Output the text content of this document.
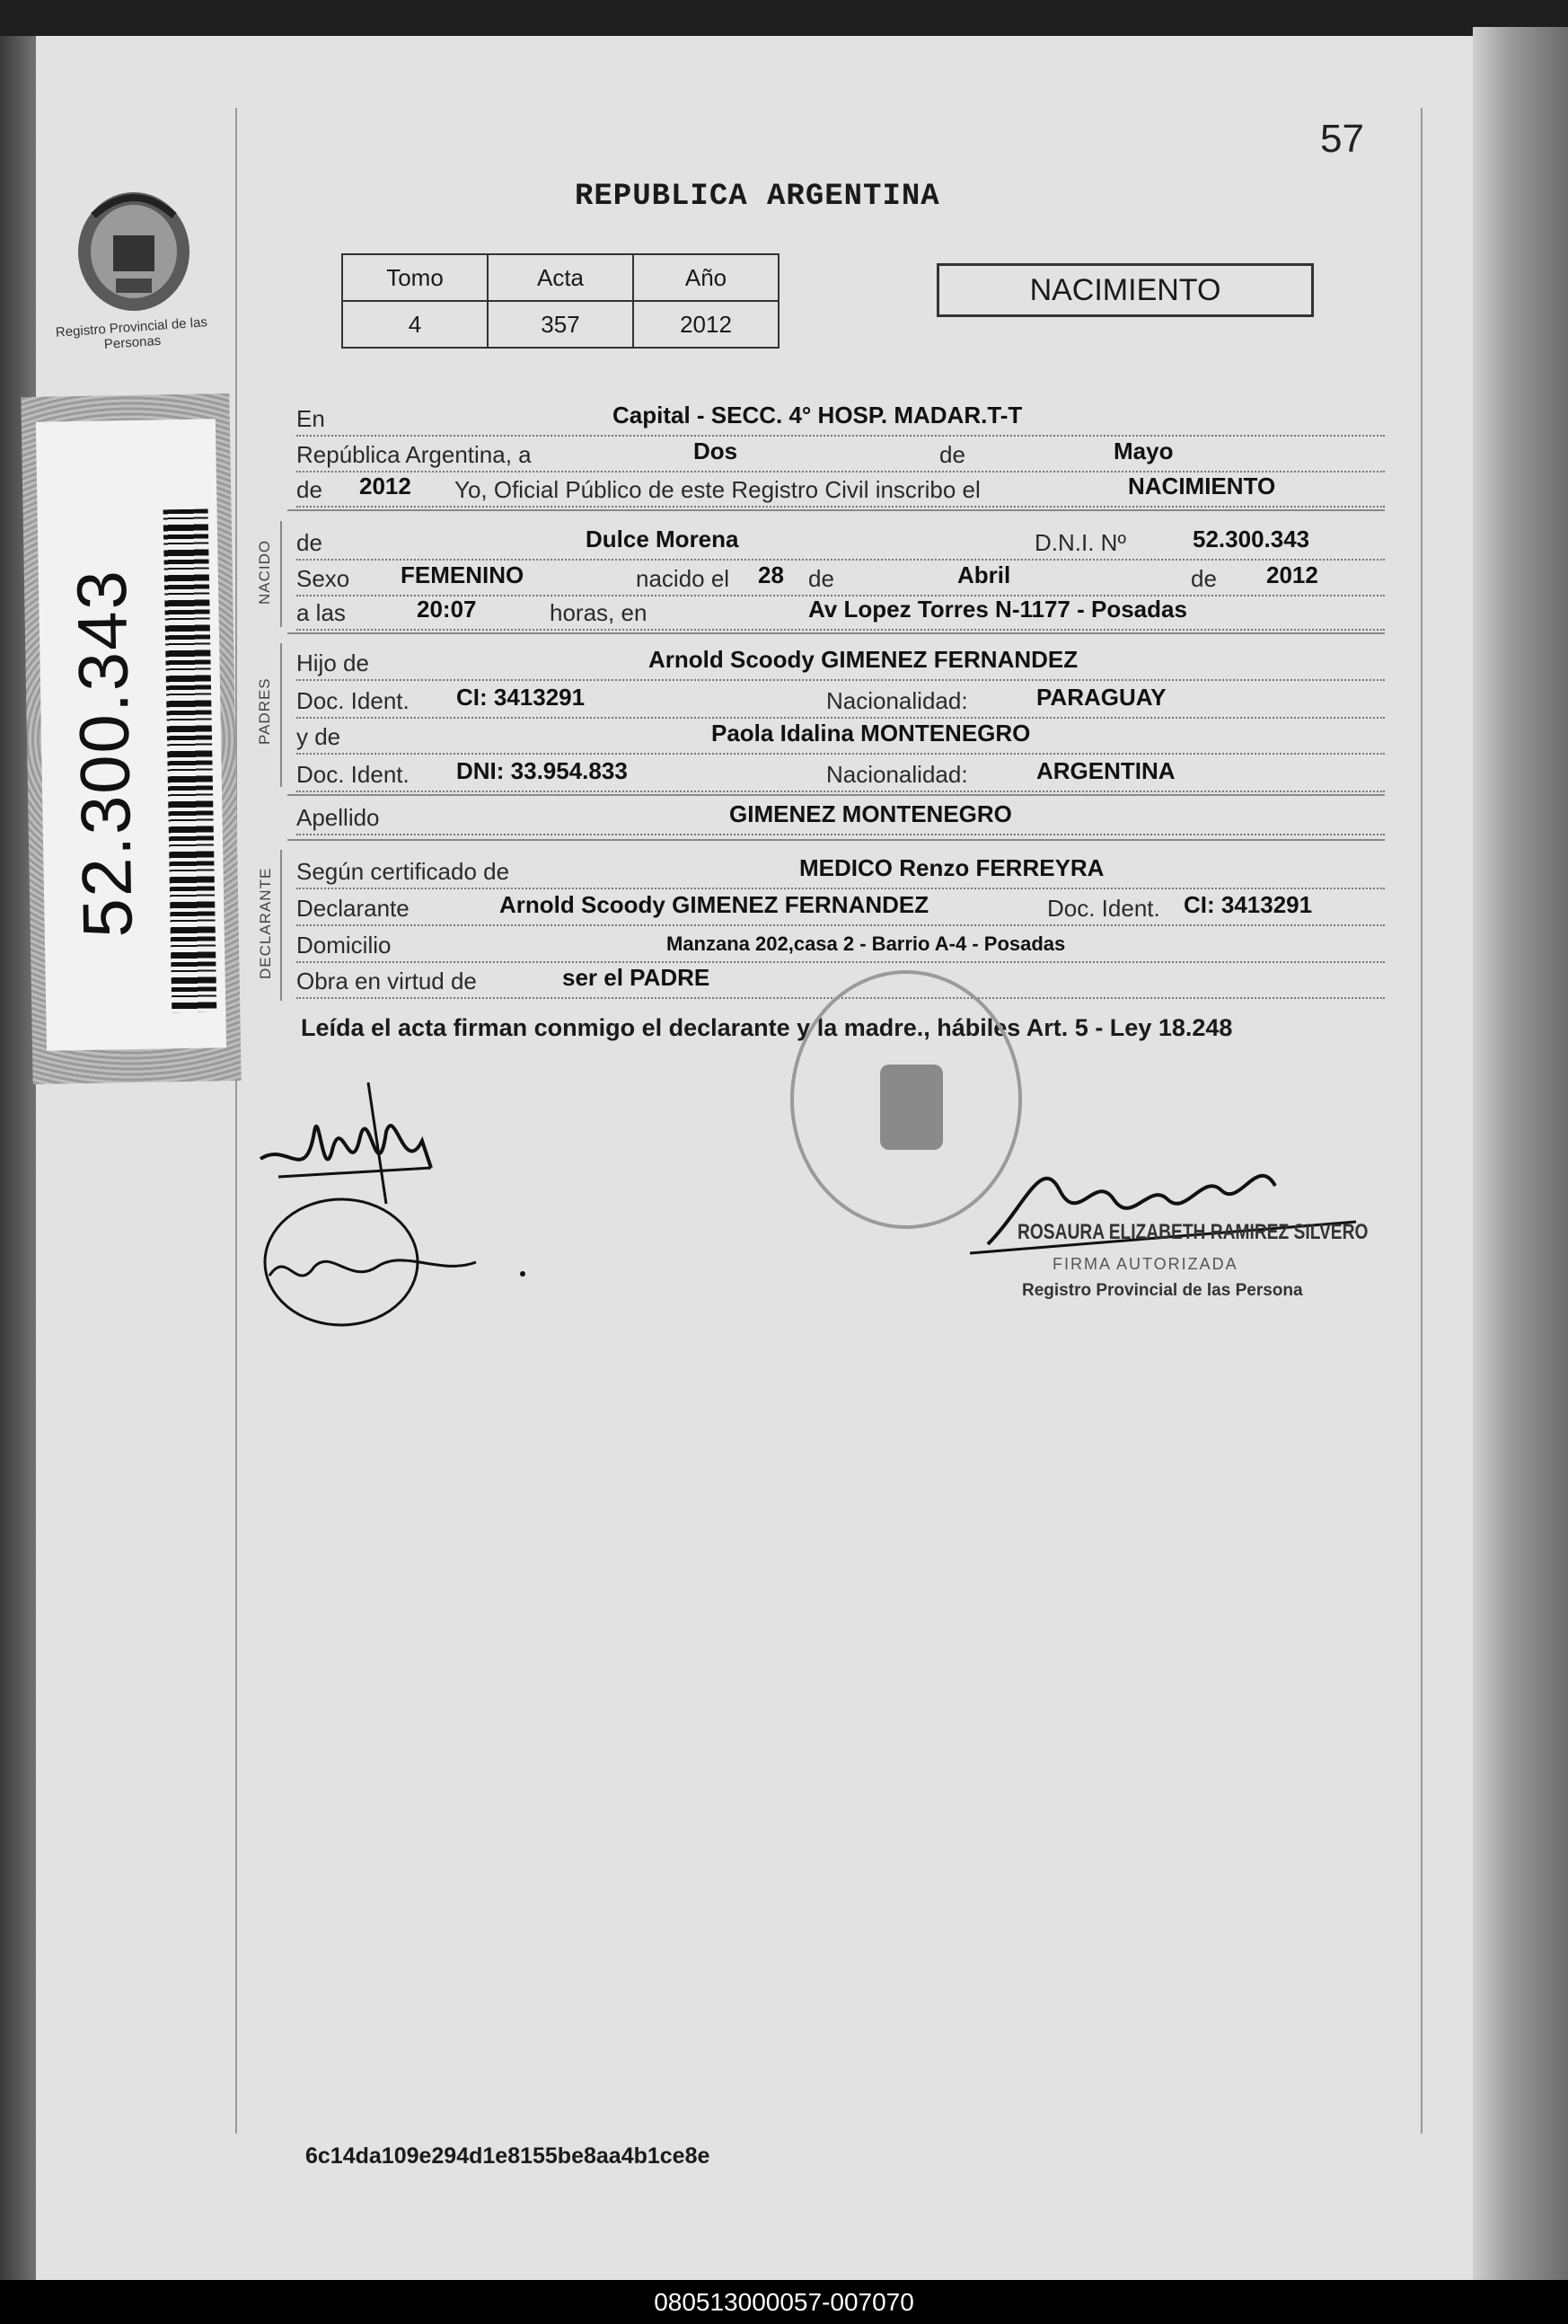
Registro Provincial de las Personas
52.300.343
57
REPUBLICA ARGENTINA
Tomo	Acta	Año
4	357	2012
NACIMIENTO
En	Capital - SECC. 4° HOSP. MADAR.T-T
República Argentina, a	Dos	de	Mayo
de 2012 Yo, Oficial Público de este Registro Civil inscribo el	NACIMIENTO
NACIDO de	Dulce Morena	D.N.I. Nº	52.300.343
Sexo FEMENINO	nacido el 28 de	Abril	de 2012
a las	20:07	horas, en	Av Lopez Torres N-1177 - Posadas
PADRES
Hijo de	Arnold Scoody GIMENEZ FERNANDEZ
Doc. Ident. CI: 3413291	Nacionalidad:	PARAGUAY
y de	Paola Idalina MONTENEGRO
Doc. Ident. DNI: 33.954.833	Nacionalidad:	ARGENTINA
Apellido	GIMENEZ MONTENEGRO
DECLARANTE Según certificado de	MEDICO Renzo FERREYRA
Declarante	Arnold Scoody GIMENEZ FERNANDEZ	Doc. Ident. CI: 3413291
Domicilio	Manzana 202,casa 2 - Barrio A-4 - Posadas
Obra en virtud de	ser el PADRE
Leída el acta firman conmigo el declarante y la madre., hábiles Art. 5 - Ley 18.248
ROSAURA ELIZABETH RAMIREZ SILVERO
FIRMA AUTORIZADA
Registro Provincial de las Persona
6c14da109e294d1e8155be8aa4b1ce8e
080513000057-007070
